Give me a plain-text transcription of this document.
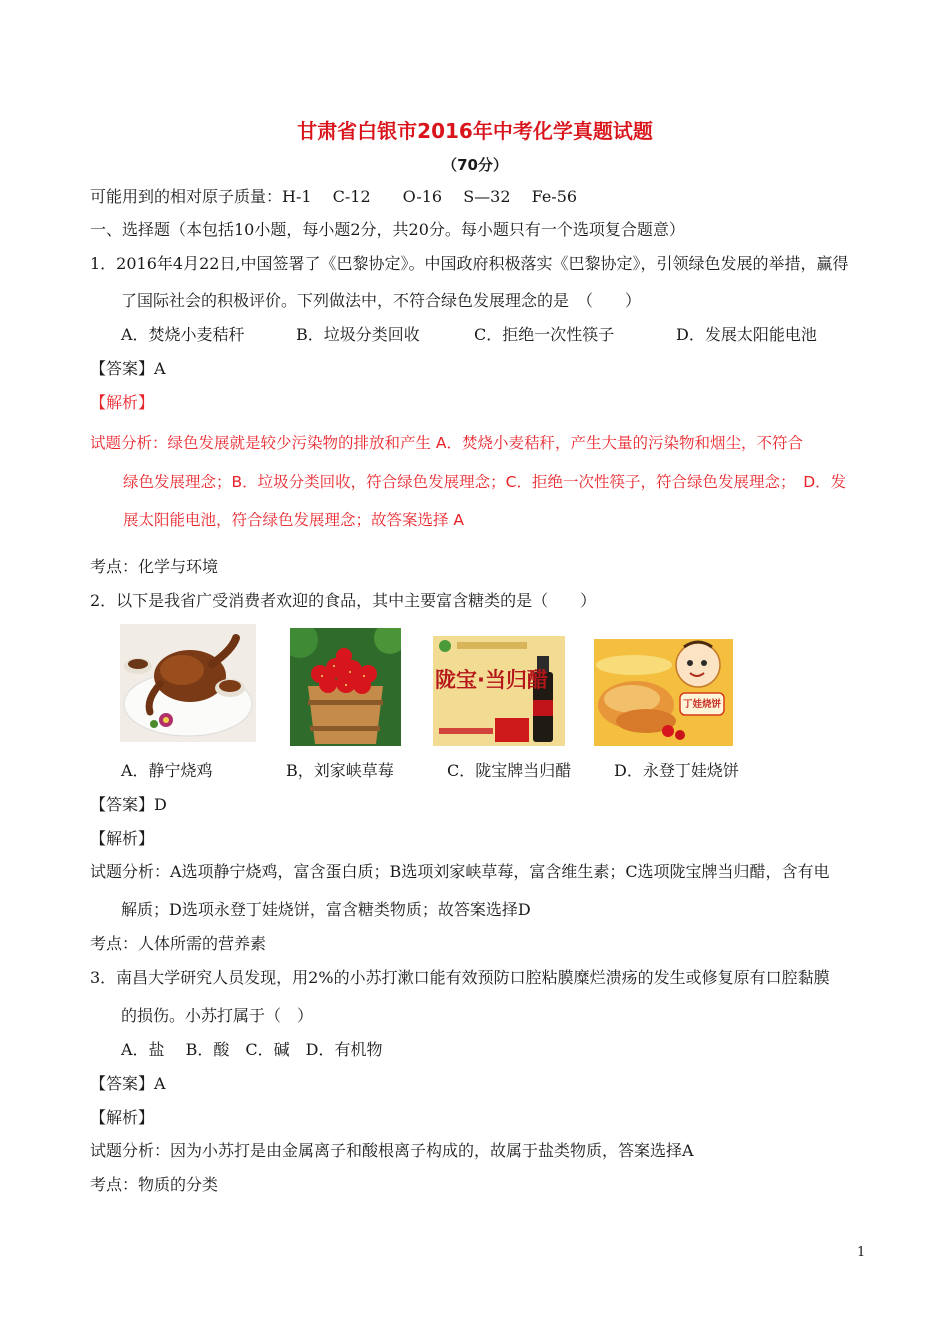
甘肃省白银市2016年中考化学真题试题
（70分）
可能用到的相对原子质量：H-1　 C-12　　O-16　 S—32　 Fe-56
一、选择题（本包括10小题，每小题2分，共20分。每小题只有一个选项复合题意）
1．2016年4月22日,中国签署了《巴黎协定》。中国政府积极落实《巴黎协定》，引领绿色发展的举措，赢得
了国际社会的积极评价。下列做法中，不符合绿色发展理念的是　（　　）
A．焚烧小麦秸秆	B．垃圾分类回收	C．拒绝一次性筷子	D．发展太阳能电池
【答案】A
【解析】
试题分析：绿色发展就是较少污染物的排放和产生 A．焚烧小麦秸秆，产生大量的污染物和烟尘，不符合
绿色发展理念；B．垃圾分类回收，符合绿色发展理念；C．拒绝一次性筷子，符合绿色发展理念；　D．发
展太阳能电池，符合绿色发展理念；故答案选择 A
考点：化学与环境
2．以下是我省广受消费者欢迎的食品，其中主要富含糖类的是（　　）
陇宝·当归醋
丁娃烧饼
A．静宁烧鸡	B，刘家峡草莓	C．陇宝牌当归醋	D．永登丁娃烧饼
【答案】D
【解析】
试题分析：A选项静宁烧鸡，富含蛋白质；B选项刘家峡草莓，富含维生素；C选项陇宝牌当归醋，含有电
解质；D选项永登丁娃烧饼，富含糖类物质；故答案选择D
考点：人体所需的营养素
3．南昌大学研究人员发现，用2%的小苏打漱口能有效预防口腔粘膜糜烂溃疡的发生或修复原有口腔黏膜
的损伤。小苏打属于（　）
A．盐　 B．酸　C．碱　D．有机物
【答案】A
【解析】
试题分析：因为小苏打是由金属离子和酸根离子构成的，故属于盐类物质，答案选择A
考点：物质的分类
1
